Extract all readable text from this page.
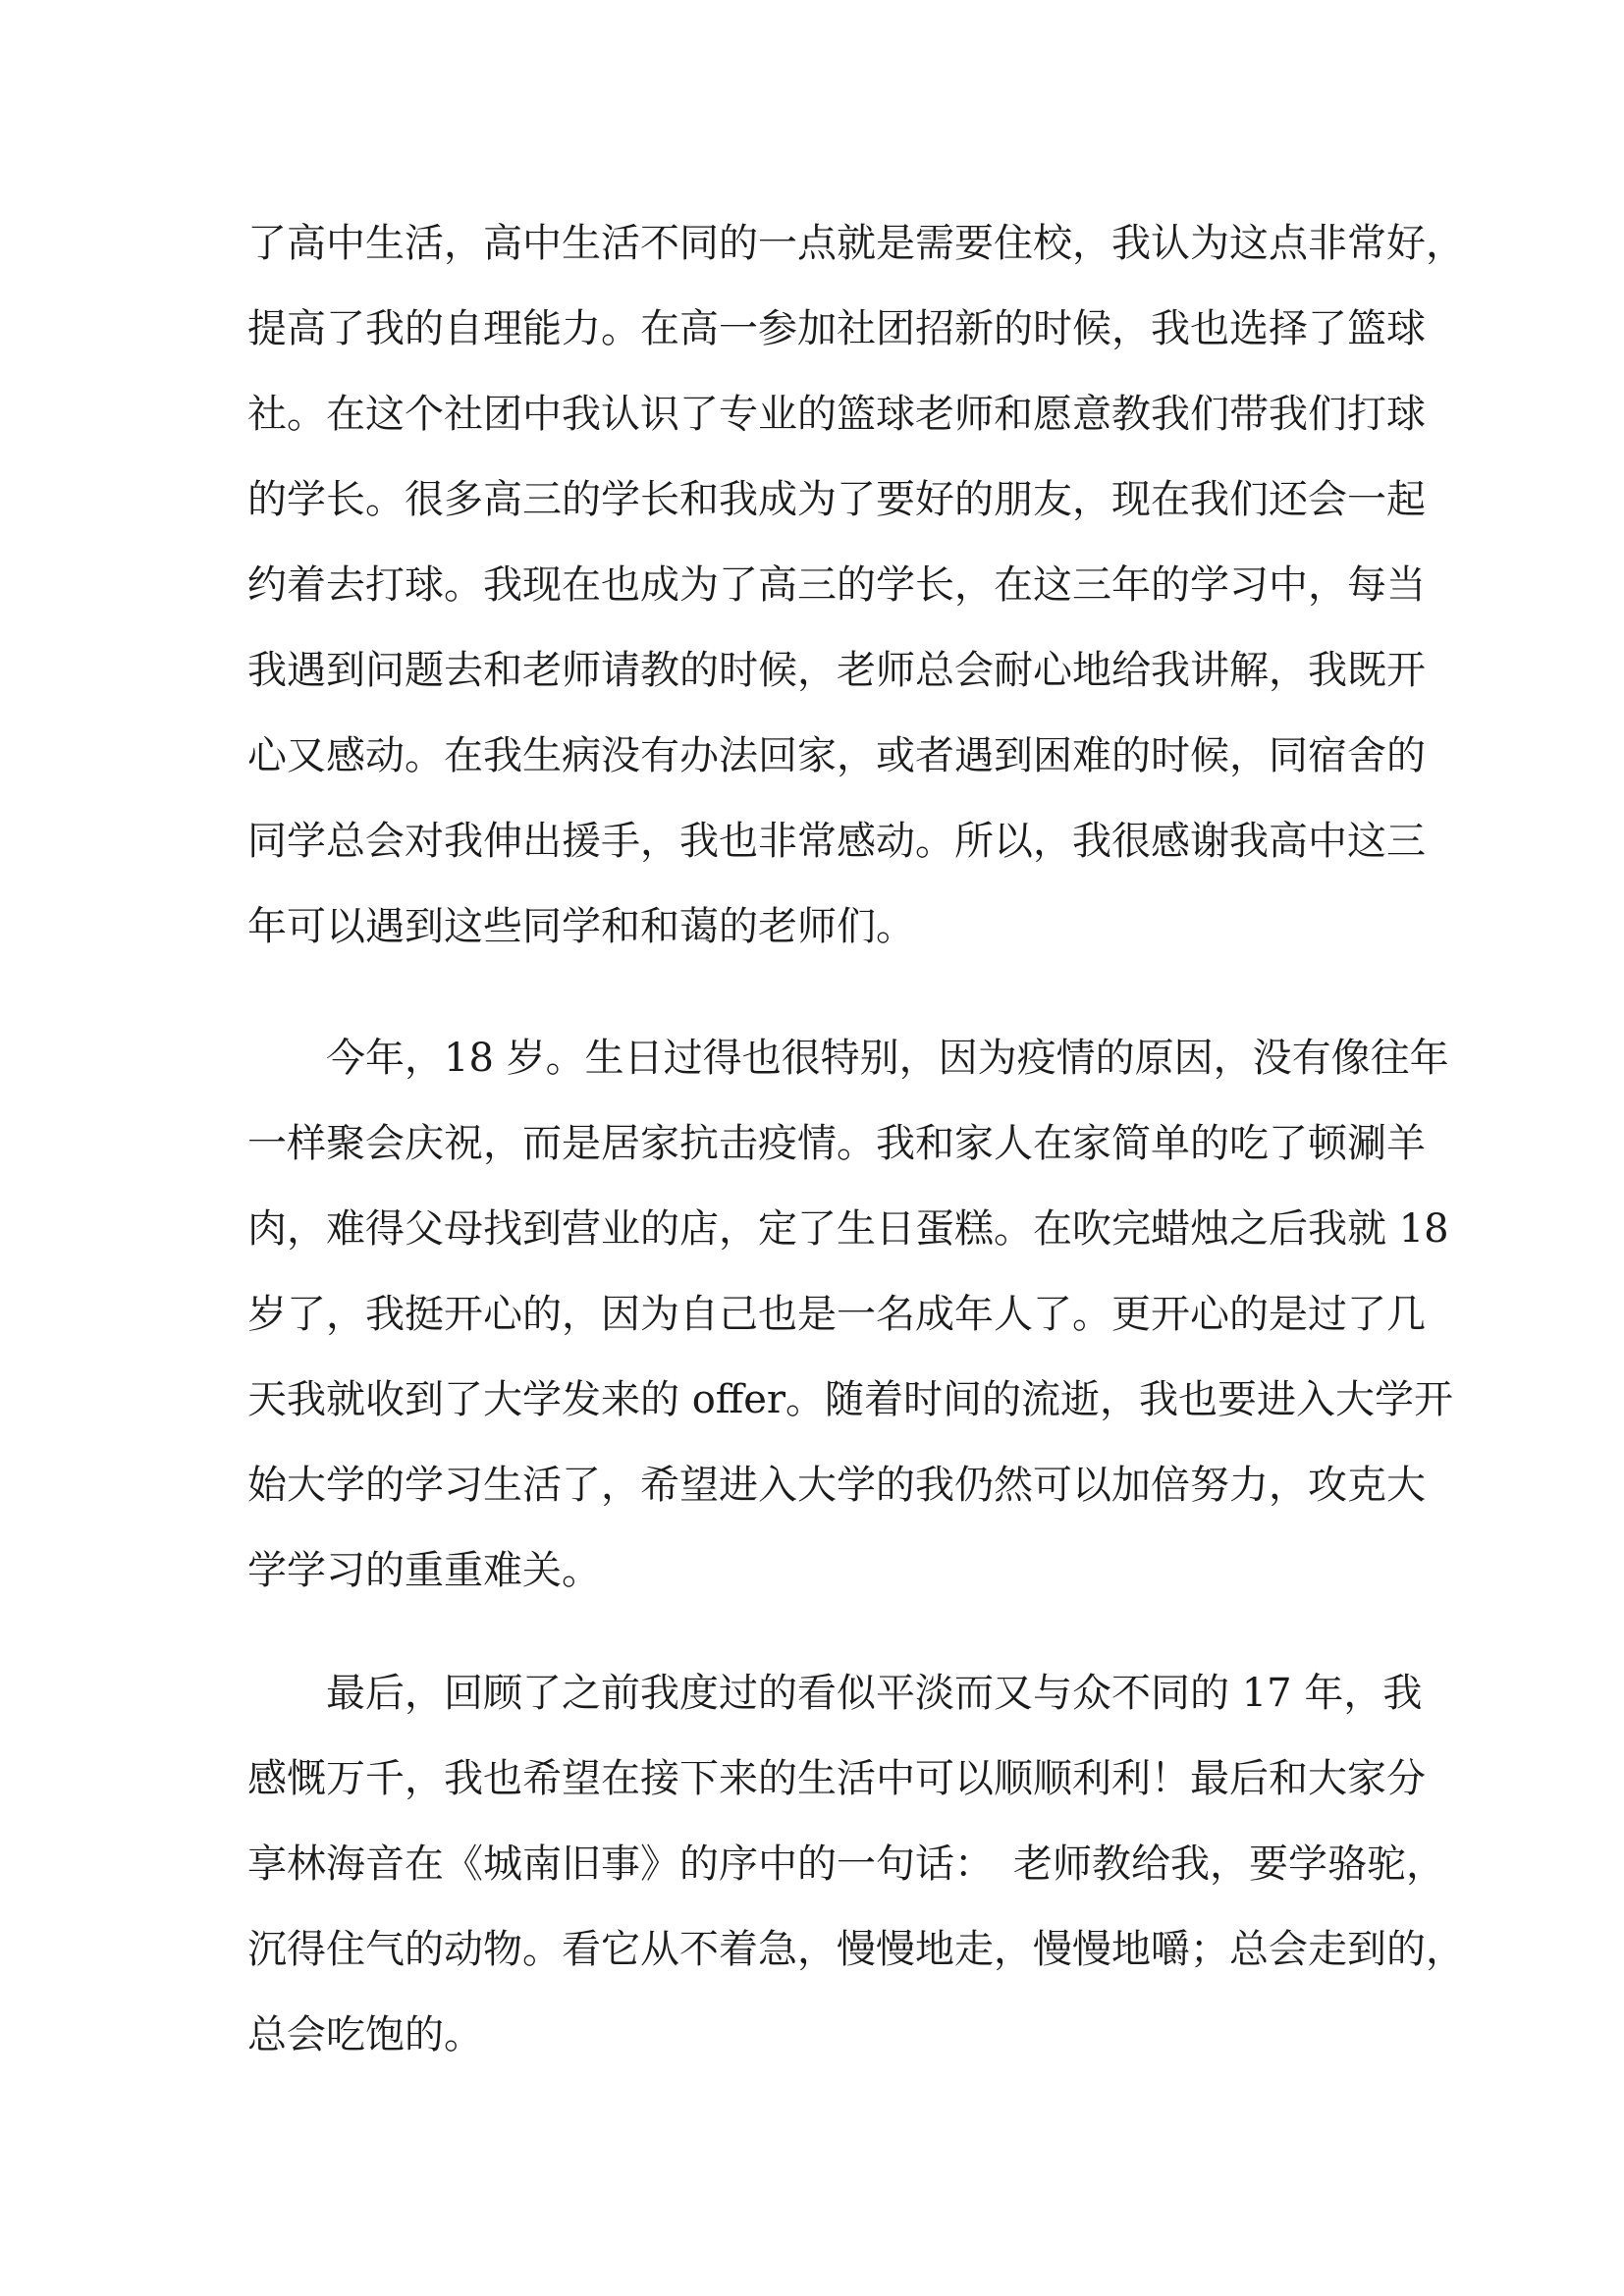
了高中生活，高中生活不同的一点就是需要住校，我认为这点非常好，
提高了我的自理能力。在高一参加社团招新的时候，我也选择了篮球
社。在这个社团中我认识了专业的篮球老师和愿意教我们带我们打球
的学长。很多高三的学长和我成为了要好的朋友，现在我们还会一起
约着去打球。我现在也成为了高三的学长，在这三年的学习中，每当
我遇到问题去和老师请教的时候，老师总会耐心地给我讲解，我既开
心又感动。在我生病没有办法回家，或者遇到困难的时候，同宿舍的
同学总会对我伸出援手，我也非常感动。所以，我很感谢我高中这三
年可以遇到这些同学和和蔼的老师们。
　　今年，18 岁。生日过得也很特别，因为疫情的原因，没有像往年
一样聚会庆祝，而是居家抗击疫情。我和家人在家简单的吃了顿涮羊
肉，难得父母找到营业的店，定了生日蛋糕。在吹完蜡烛之后我就 18
岁了，我挺开心的，因为自己也是一名成年人了。更开心的是过了几
天我就收到了大学发来的 offer。随着时间的流逝，我也要进入大学开
始大学的学习生活了，希望进入大学的我仍然可以加倍努力，攻克大
学学习的重重难关。
　　最后，回顾了之前我度过的看似平淡而又与众不同的 17 年，我
感慨万千，我也希望在接下来的生活中可以顺顺利利！最后和大家分
享林海音在《城南旧事》的序中的一句话：　老师教给我，要学骆驼，
沉得住气的动物。看它从不着急，慢慢地走，慢慢地嚼；总会走到的，
总会吃饱的。
